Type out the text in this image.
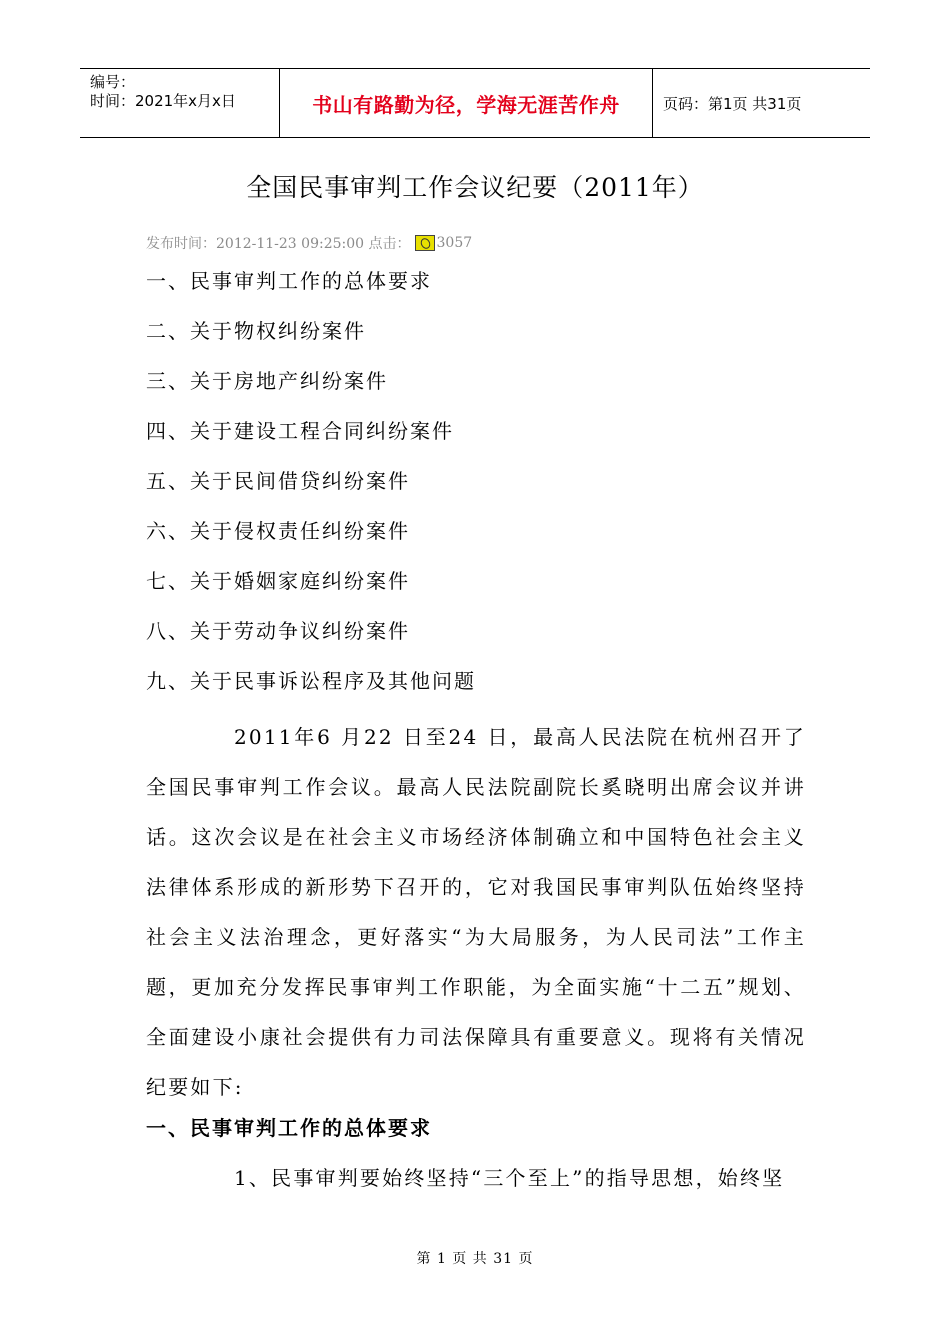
编号：
时间：2021年x月x日	书山有路勤为径，学海无涯苦作舟	页码：第1页 共31页
全国民事审判工作会议纪要（2011年）
发布时间：2012-11-23 09:25:00 点击： 3057
一、民事审判工作的总体要求
二、关于物权纠纷案件
三、关于房地产纠纷案件
四、关于建设工程合同纠纷案件
五、关于民间借贷纠纷案件
六、关于侵权责任纠纷案件
七、关于婚姻家庭纠纷案件
八、关于劳动争议纠纷案件
九、关于民事诉讼程序及其他问题

2011年6 月22 日至24 日，最高人民法院在杭州召开了全国民事审判工作会议。最高人民法院副院长奚晓明出席会议并讲话。这次会议是在社会主义市场经济体制确立和中国特色社会主义法律体系形成的新形势下召开的，它对我国民事审判队伍始终坚持社会主义法治理念，更好落实“为大局服务，为人民司法”工作主题，更加充分发挥民事审判工作职能，为全面实施“十二五”规划、全面建设小康社会提供有力司法保障具有重要意义。现将有关情况纪要如下:

一、民事审判工作的总体要求

1、民事审判要始终坚持“三个至上”的指导思想，始终坚

第 1 页 共 31 页
